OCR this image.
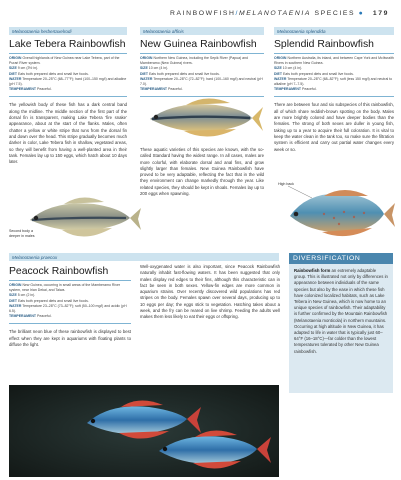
RAINBOWFISH/MELANOTAENIA SPECIES ● 179
Melanotaenia herbertaxelrodi
Lake Tebera Rainbowfish
ORIGIN Overall highlands of New Guinea near Lake Tebera, part of the Purari River system.
SIZE 9 cm (3½ in).
DIET Eats both prepared diets and small live foods.
WATER Temperature 20–25°C (68–77°F); hard (100–150 mg/l) and alkaline (pH 7.5).
TEMPERAMENT Peaceful.
The yellowish body of these fish has a dark central band along the midline. The middle section of the first part of the dorsal fin is transparent, making Lake Tebera ‘fire snake’ appearance, about at the start of the flanks. Males, often chatter a yellow or white stripe that runs from the dorsal fin and down over the head. This stripe gradually becomes much darker in color, Lake Tebera fish in shallow, vegetated areas, so they will benefit from having a well-planted area in their tank. Females lay up to 150 eggs, which hatch about 10 days later.
Second body a deeper in males
Melanotaenia affinis
New Guinea Rainbowfish
ORIGIN Northern New Guinea, including the Sepik River (Papua) and Mamberamo (New Guinea) rivers.
SIZE 10 cm (4 in).
DIET Eats both prepared diets and small live foods.
WATER Temperature 20–28°C (72–82°F); hard (100–160 mg/l) and neutral (pH 7.0).
TEMPERAMENT Peaceful.
These aquatic varieties of this species are known, with the so-called Standard having the widest range. In all cases, males are more colorful, with elaborate dorsal and anal fins, and grow slightly larger than females. New Guinea Rainbowfish have proved to be very adaptable, reflecting the fact that in the wild they environment can change markedly through the year. Like related species, they should be kept in shoals. Females lay up to 200 eggs when spawning.
Melanotaenia splendida
Splendid Rainbowfish
ORIGIN Northern Australia, its inland, and between Cape York and McIlwraith Rivers in southern New Guinea.
SIZE 10 cm (4 in).
DIET Eats both prepared diets and small live foods.
WATER Temperature 20–28°C (68–82°F); soft (less 150 mg/l) and neutral to alkaline (pH 7–7.5).
TEMPERAMENT Peaceful.
There are between four and six subspecies of this rainbowfish, all of which share reddish-brown spotting on the body. Males are more brightly colored and have deeper bodies than the females. The strong of both sexes are duller in young fish, taking up to a year to acquire their full coloration. It is vital to keep the water clean in the tank too, so make sure the filtration system is efficient and carry out partial water changes every week or so.
High back
Melanotaenia praecox
Peacock Rainbowfish
ORIGIN New Guinea, occurring in small areas of the Mamberamo River system, near Irian Dekai, and Taiwa.
SIZE 5 cm (2 in).
DIET Eats both prepared diets and small live foods.
WATER Temperature 23–28°C (73–82°F); soft (50–100 mg/l) and acidic (pH 6.5).
TEMPERAMENT Peaceful.
The brilliant neon blue of these rainbowfish is displayed to best effect when they are kept in aquariums with floating plants to diffuse the light.
Well-oxygenated water is also important, since Peacock Rainbowfish naturally inhabit fast-flowing waters. It has been suggested that only males display red edges to their fins, although this characteristic can in fact be seen in both sexes. Yellow-fin edges are more common in aquarium strains. Over recently discovered wild populations has red stripes on the body. Females spawn over several days, producing up to 10 eggs per day; the eggs stick to vegetation. Hatching takes about a week, and the fry can be reared on live shrimp. Feeding the adults well makes them less likely to eat their eggs or offspring.
DIVERSIFICATION
Rainbowfish form an extremely adaptable group. This is illustrated not only by differences in appearance between individuals of the same species but also by the ease in which these fish have colonized localized habitats, such as Lake Tebera in New Guinea, which is now home to an unique species of rainbowfish. Their adaptability is further confirmed by the Mountain Rainbowfish (Melanotaenia monticola) in northern mountains. Occurring at high altitude in New Guinea, it has adapted to life in water that is typically just 60–64°F (16–18°C)—far colder than the lowest temperatures tolerated by other New Guinea rainbowfish.
